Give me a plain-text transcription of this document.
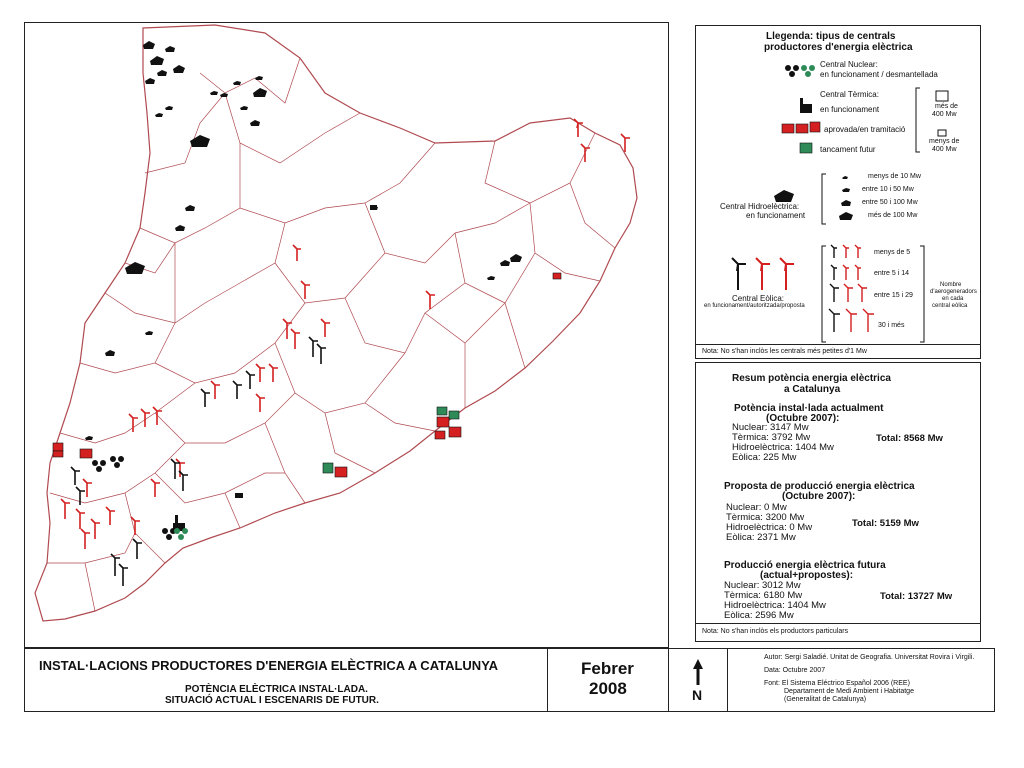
Llegenda: tipus de centrals
productores d'energia elèctrica
Central Nuclear:
en funcionament / desmantellada
Central Tèrmica:
en funcionament
aprovada/en tramitació
tancament futur
més de
400 Mw
menys de
400 Mw
Central Hidroelèctrica:
en funcionament
menys de 10 Mw
entre 10 i 50 Mw
entre 50 i 100 Mw
més de 100 Mw
Central Eòlica:
en funcionament/autoritzada/proposta
menys de 5
entre 5 i 14
entre 15 i 29
30 i més
Nombre
d'aerogeneradors
en cada
central eòlica
Nota: No s'han inclòs les centrals més petites d'1 Mw
Resum potència energia elèctrica
a Catalunya
Potència instal·lada actualment
(Octubre 2007):
Nuclear: 3147 Mw
Tèrmica: 3792 Mw
Hidroelèctrica: 1404 Mw
Eòlica: 225 Mw
Total: 8568 Mw
Proposta de producció energia elèctrica
(Octubre 2007):
Nuclear: 0 Mw
Tèrmica: 3200 Mw
Hidroelèctrica: 0 Mw
Eòlica: 2371 Mw
Total: 5159 Mw
Producció energia elèctrica futura
(actual+propostes):
Nuclear: 3012 Mw
Tèrmica: 6180 Mw
Hidroelèctrica: 1404 Mw
Eòlica: 2596 Mw
Total: 13727 Mw
Nota: No s'han inclòs els productors particulars
INSTAL·LACIONS PRODUCTORES D'ENERGIA ELÈCTRICA A CATALUNYA
POTÈNCIA ELÈCTRICA INSTAL·LADA.
SITUACIÓ ACTUAL I ESCENARIS DE FUTUR.
Febrer
2008	N
Autor: Sergi Saladié. Unitat de Geografia. Universitat Rovira i Virgili.
Data: Octubre 2007
Font: El Sistema Eléctrico Español 2006 (REE)
Departament de Medi Ambient i Habitatge
(Generalitat de Catalunya)
